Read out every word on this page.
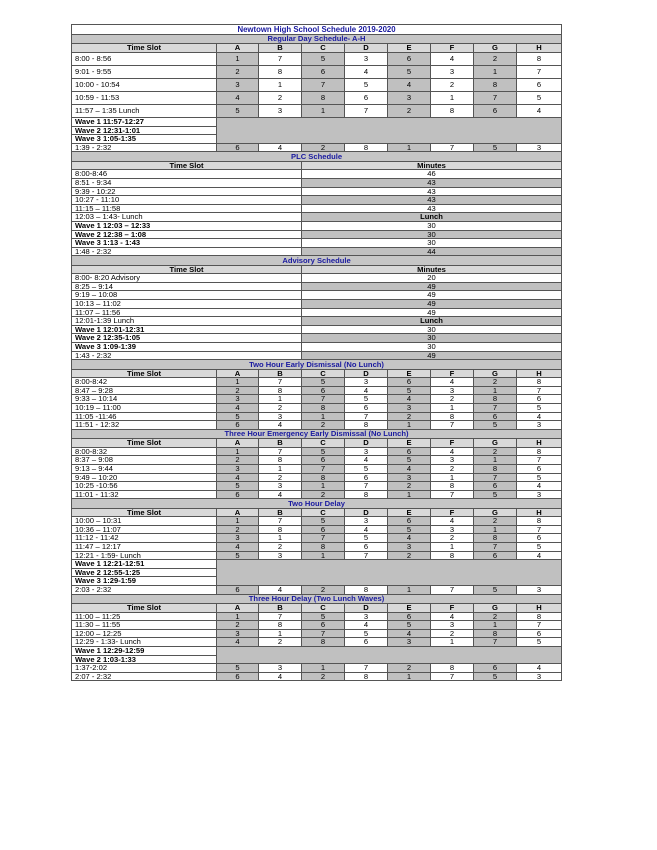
Newtown High School Schedule 2019-2020								
Regular Day Schedule- A-H								
Time Slot	A	B	C	D	E	F	G	H
8:00 - 8:56	1	7	5	3	6	4	2	8
9:01 - 9:55	2	8	6	4	5	3	1	7
10:00 - 10:54	3	1	7	5	4	2	8	6
10:59 - 11:53	4	2	8	6	3	1	7	5
11:57 – 1:35 Lunch	5	3	1	7	2	8	6	4
Wave 1 11:57-12:27								
Wave 2 12:31-1:01								
Wave 3 1:05-1:35								
1:39 - 2:32	6	4	2	8	1	7	5	3
PLC Schedule								
Time Slot			Minutes					
8:00-8:46			46					
8:51 - 9:34			43					
9:39 - 10:22			43					
10:27 - 11:10			43					
11:15 – 11:58			43					
12:03 – 1:43- Lunch			Lunch					
Wave 1 12:03 – 12:33			30					
Wave 2 12:38 – 1:08			30					
Wave 3 1:13 - 1:43			30					
1:48 - 2:32			44					
Advisory Schedule								
Time Slot			Minutes					
8:00- 8:20 Advisory			20					
8:25 – 9:14			49					
9:19 – 10:08			49					
10:13 – 11:02			49					
11:07 – 11:56			49					
12:01-1:39 Lunch			Lunch					
Wave 1 12:01-12:31			30					
Wave 2 12:35-1:05			30					
Wave 3 1:09-1:39			30					
1:43 - 2:32			49					
Two Hour Early Dismissal (No Lunch)								
Time Slot	A	B	C	D	E	F	G	H
8:00-8:42	1	7	5	3	6	4	2	8
8:47 – 9:28	2	8	6	4	5	3	1	7
9:33 – 10:14	3	1	7	5	4	2	8	6
10:19 – 11:00	4	2	8	6	3	1	7	5
11:05 -11:46	5	3	1	7	2	8	6	4
11:51 - 12:32	6	4	2	8	1	7	5	3
Three Hour Emergency Early Dismissal (No Lunch)								
Time Slot	A	B	C	D	E	F	G	H
8:00-8:32	1	7	5	3	6	4	2	8
8:37 – 9:08	2	8	6	4	5	3	1	7
9:13 – 9:44	3	1	7	5	4	2	8	6
9:49 – 10:20	4	2	8	6	3	1	7	5
10:25 -10:56	5	3	1	7	2	8	6	4
11:01 - 11:32	6	4	2	8	1	7	5	3
Two Hour Delay								
Time Slot	A	B	C	D	E	F	G	H
10:00 – 10:31	1	7	5	3	6	4	2	8
10:36 – 11:07	2	8	6	4	5	3	1	7
11:12 - 11:42	3	1	7	5	4	2	8	6
11:47 – 12:17	4	2	8	6	3	1	7	5
12:21 - 1:59- Lunch	5	3	1	7	2	8	6	4
Wave 1 12:21-12:51								
Wave 2 12:55-1:25								
Wave 3 1:29-1:59								
2:03 - 2:32	6	4	2	8	1	7	5	3
Three Hour Delay (Two Lunch Waves)								
Time Slot	A	B	C	D	E	F	G	H
11:00 – 11:25	1	7	5	3	6	4	2	8
11:30 – 11:55	2	8	6	4	5	3	1	7
12:00 – 12:25	3	1	7	5	4	2	8	6
12:29 - 1:33- Lunch	4	2	8	6	3	1	7	5
Wave 1 12:29-12:59								
Wave 2 1:03-1:33								
1:37-2:02	5	3	1	7	2	8	6	4
2:07 - 2:32	6	4	2	8	1	7	5	3
